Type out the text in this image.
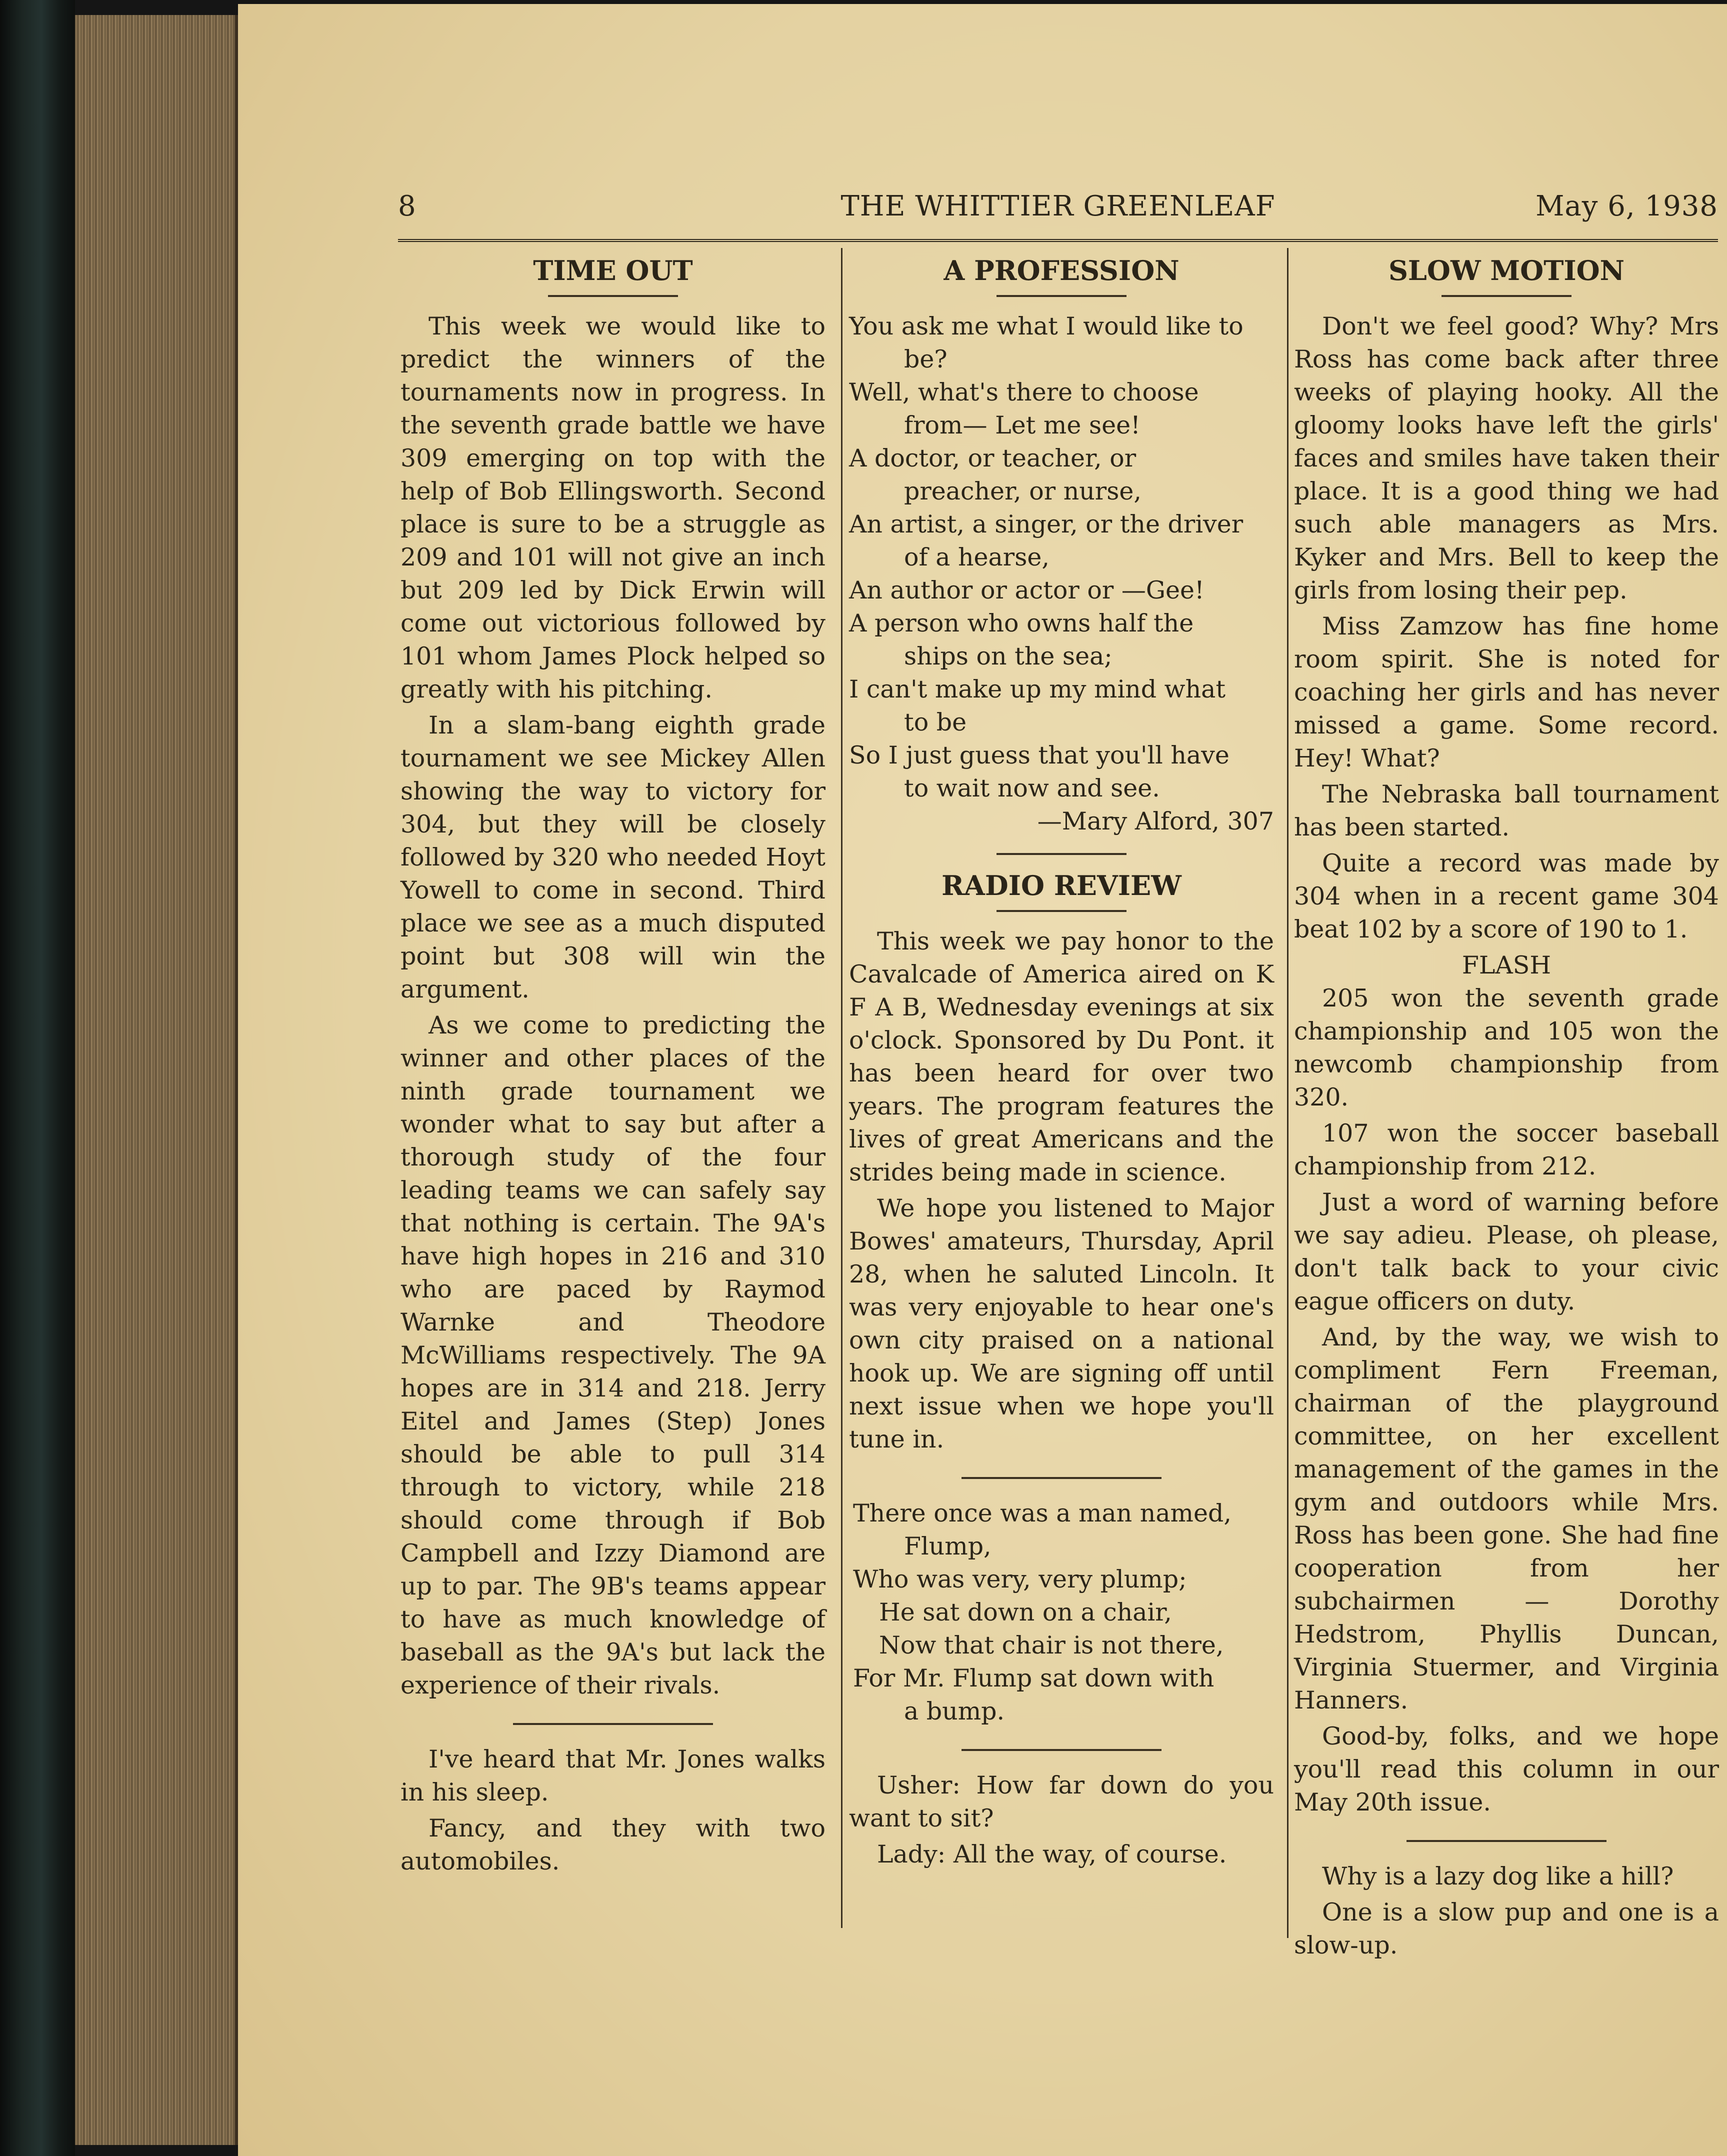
8	THE WHITTIER GREENLEAF	May 6, 1938
TIME OUT

This week we would like to predict the winners of the tournaments now in progress. In the seventh grade battle we have 309 emerging on top with the help of Bob Ellingsworth. Second place is sure to be a struggle as 209 and 101 will not give an inch but 209 led by Dick Erwin will come out victorious followed by 101 whom James Plock helped so greatly with his pitching.

In a slam-bang eighth grade tournament we see Mickey Allen showing the way to victory for 304, but they will be closely followed by 320 who needed Hoyt Yowell to come in second. Third place we see as a much disputed point but 308 will win the argument.

As we come to predicting the winner and other places of the ninth grade tournament we wonder what to say but after a thorough study of the four leading teams we can safely say that nothing is certain. The 9A's have high hopes in 216 and 310 who are paced by Raymod Warnke and Theodore McWilliams respectively. The 9A hopes are in 314 and 218. Jerry Eitel and James (Step) Jones should be able to pull 314 through to victory, while 218 should come through if Bob Campbell and Izzy Diamond are up to par. The 9B's teams appear to have as much knowledge of baseball as the 9A's but lack the experience of their rivals.

I've heard that Mr. Jones walks in his sleep.

Fancy, and they with two automobiles.

A PROFESSION
You ask me what I would like to
be?
Well, what's there to choose
from— Let me see!
A doctor, or teacher, or
preacher, or nurse,
An artist, a singer, or the driver
of a hearse,
An author or actor or —Gee!
A person who owns half the
ships on the sea;
I can't make up my mind what
to be
So I just guess that you'll have
to wait now and see.
—Mary Alford, 307
RADIO REVIEW

This week we pay honor to the Cavalcade of America aired on K F A B, Wednesday evenings at six o'clock. Sponsored by Du Pont. it has been heard for over two years. The program features the lives of great Americans and the strides being made in science.

We hope you listened to Major Bowes' amateurs, Thursday, April 28, when he saluted Lincoln. It was very enjoyable to hear one's own city praised on a national hook up. We are signing off until next issue when we hope you'll tune in.

There once was a man named,
Flump,
Who was very, very plump;
He sat down on a chair,
Now that chair is not there,
For Mr. Flump sat down with
a bump.

Usher: How far down do you want to sit?

Lady: All the way, of course.

SLOW MOTION

Don't we feel good? Why? Mrs Ross has come back after three weeks of playing hooky. All the gloomy looks have left the girls' faces and smiles have taken their place. It is a good thing we had such able managers as Mrs. Kyker and Mrs. Bell to keep the girls from losing their pep.

Miss Zamzow has fine home room spirit. She is noted for coaching her girls and has never missed a game. Some record. Hey! What?

The Nebraska ball tournament has been started.

Quite a record was made by 304 when in a recent game 304 beat 102 by a score of 190 to 1.

FLASH

205 won the seventh grade championship and 105 won the newcomb championship from 320.

107 won the soccer baseball championship from 212.

Just a word of warning before we say adieu. Please, oh please, don't talk back to your civic eague officers on duty.

And, by the way, we wish to compliment Fern Freeman, chairman of the playground committee, on her excellent management of the games in the gym and outdoors while Mrs. Ross has been gone. She had fine cooperation from her subchairmen — Dorothy Hedstrom, Phyllis Duncan, Virginia Stuermer, and Virginia Hanners.

Good-by, folks, and we hope you'll read this column in our May 20th issue.

Why is a lazy dog like a hill?

One is a slow pup and one is a slow-up.
